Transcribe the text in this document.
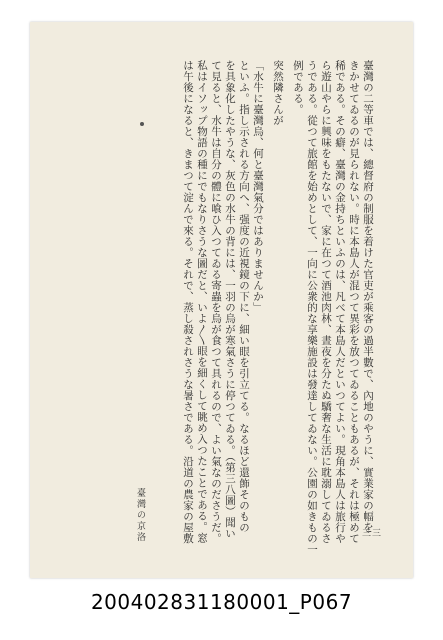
臺灣の二等車では、總督府の制服を着けた官吏が乘客の過半數で、內地のやうに、實業家の幅を
きかせてゐるのが見られない。時に本島人が混つて異彩を放つてゐることもあるが、それは極めて
稀である。その癖、臺灣の金持ちといふのは、凡べて本島人だといつてよい。現角本島人は旅行や
ら遊山やらに興味をもたないで、家に在つて酒池肉林、晝夜を分たぬ驕奢な生活に耽溺してゐるさ
うである。從つて旅館を始めとして、一向に公衆的な享樂施設は發達してゐない。公園の如きもの一
例である。
突然隣さんが
「水牛に臺灣烏、何と臺灣氣分ではありませんか」
といふ。指し示される方向へ、强度の近視鏡の下に、細い眼を引立てる。なるほど還飾そのもの
を具象化したやうな、灰色の水牛の背には、一羽の烏が寒氣さうに停つてゐる。（第三八圖）聞い
て見ると、水牛は自分の體に喰ひ入つてゐる寄蟲を烏が食つて具れるので、よい氣なのださうだ。
私はイソップ物語の種にでもなりさうな圖だと、いよ〳〵眼を細くして眺め入つたことである。窓
は午後になると、きまつて淀んで來る。それで、蒸し殺されさうな暑さである。沿道の農家の屋敷
臺灣の京洛	三三
200402831180001_P067
